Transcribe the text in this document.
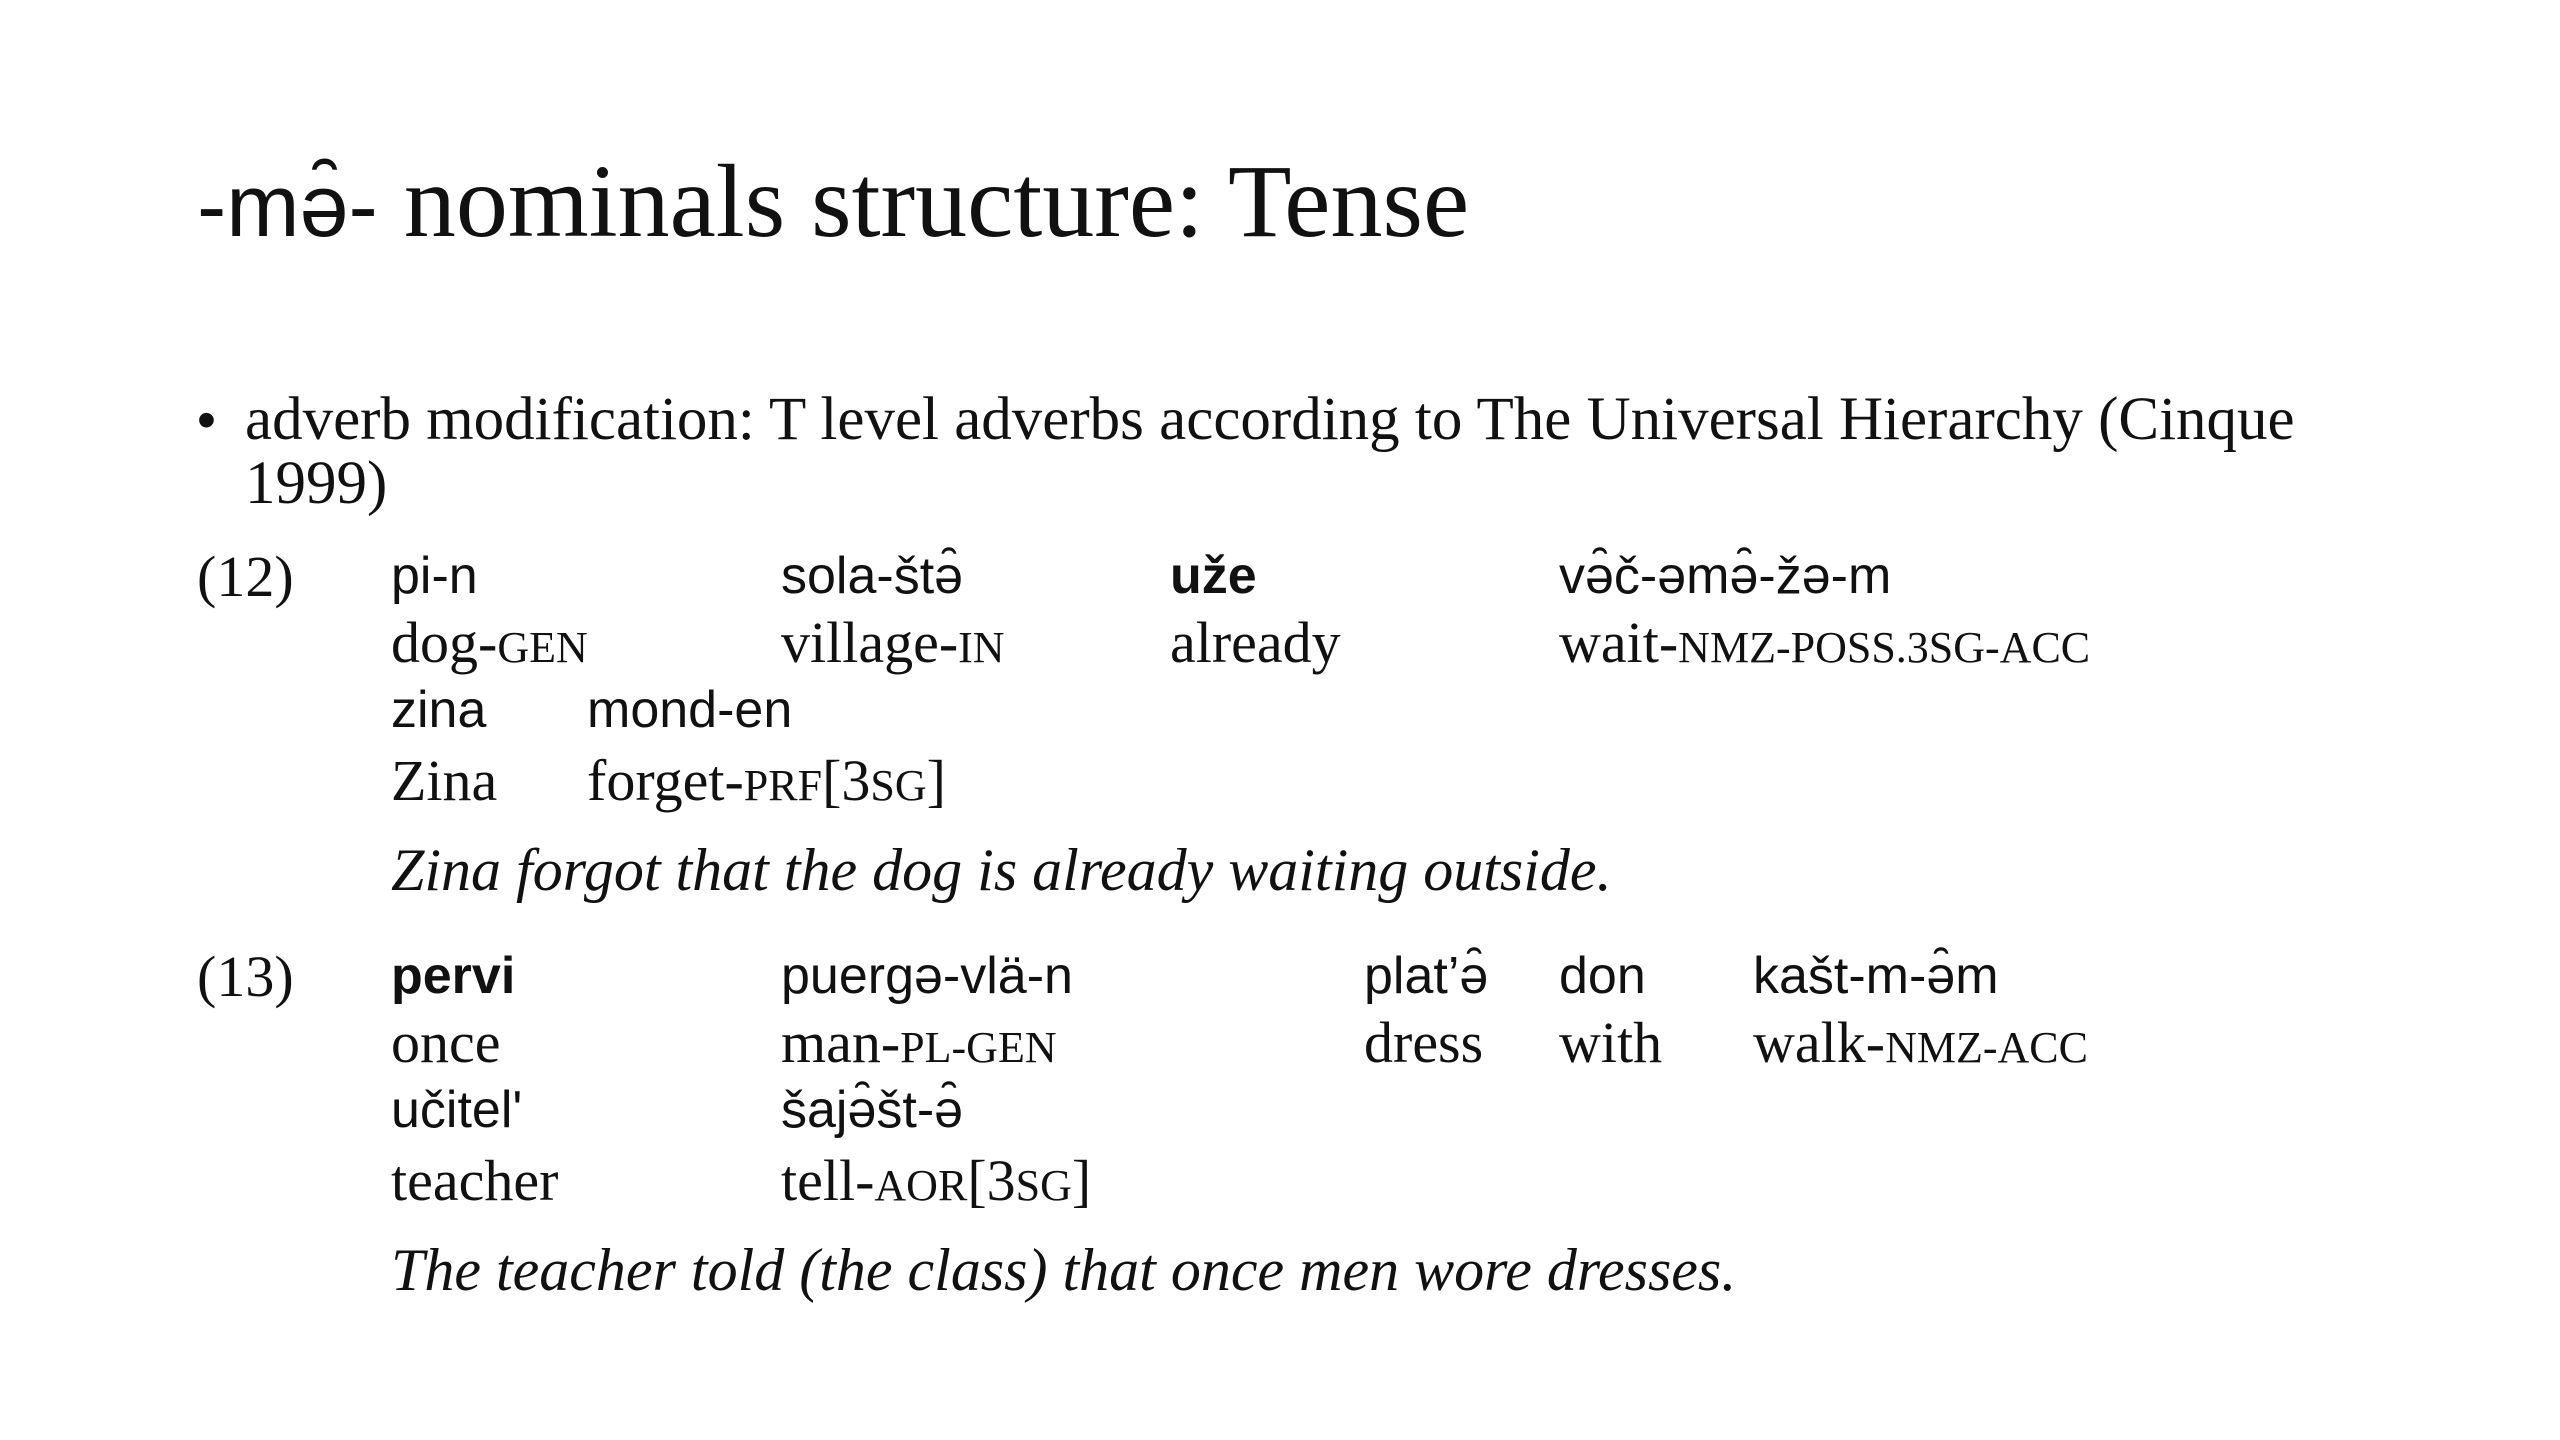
-mə̑- nominals structure: Tense
• adverb modification: T level adverbs according to The Universal Hierarchy (Cinque 1999)
(12) pi-n	sola-štə̑	uže	və̑č-əmə̑-žə-m
dog-GEN	village-IN	already	wait-NMZ-POSS.3SG-ACC
zina mond-en
Zina forget-PRF[3SG]
Zina forgot that the dog is already waiting outside.
(13) pervi	puergə-vlä-n	plat’ə̑ don kašt-m-ə̑m
once	man-PL-GEN	dress with walk-NMZ-ACC
učitel'	šajə̑št-ə̑
teacher	tell-AOR[3SG]
The teacher told (the class) that once men wore dresses.
